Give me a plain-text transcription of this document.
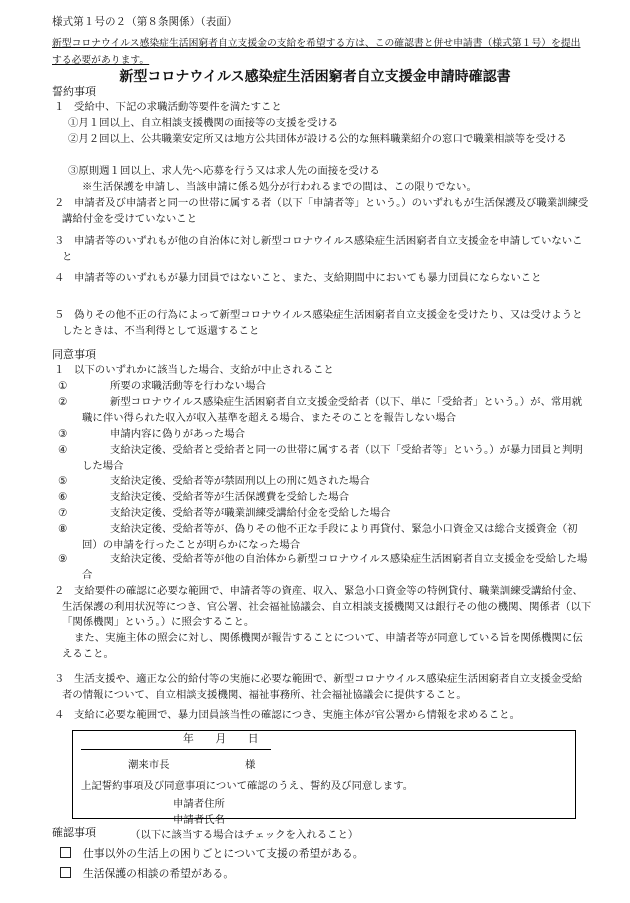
様式第１号の２（第８条関係）（表面）
新型コロナウイルス感染症生活困窮者自立支援金の支給を希望する方は、この確認書と併せ申請書（様式第１号）を提出する必要があります。
新型コロナウイルス感染症生活困窮者自立支援金申請時確認書
誓約事項
１ 受給中、下記の求職活動等要件を満たすこと
①月１回以上、自立相談支援機関の面接等の支援を受ける
②月２回以上、公共職業安定所又は地方公共団体が設ける公的な無料職業紹介の窓口で職業相談等を受ける
③原則週１回以上、求人先へ応募を行う又は求人先の面接を受ける
※生活保護を申請し、当該申請に係る処分が行われるまでの間は、この限りでない。
２ 申請者及び申請者と同一の世帯に属する者（以下「申請者等」という。）のいずれもが生活保護及び職業訓練受講給付金を受けていないこと
３ 申請者等のいずれもが他の自治体に対し新型コロナウイルス感染症生活困窮者自立支援金を申請していないこと
４ 申請者等のいずれもが暴力団員ではないこと、また、支給期間中においても暴力団員にならないこと
５ 偽りその他不正の行為によって新型コロナウイルス感染症生活困窮者自立支援金を受けたり、又は受けようとしたときは、不当利得として返還すること
同意事項
１ 以下のいずれかに該当した場合、支給が中止されること
①	所要の求職活動等を行わない場合
②	新型コロナウイルス感染症生活困窮者自立支援金受給者（以下、単に「受給者」という。）が、常用就職に伴い得られた収入が収入基準を超える場合、またそのことを報告しない場合
③	申請内容に偽りがあった場合
④	支給決定後、受給者と受給者と同一の世帯に属する者（以下「受給者等」という。）が暴力団員と判明した場合
⑤	支給決定後、受給者等が禁固刑以上の刑に処された場合
⑥	支給決定後、受給者等が生活保護費を受給した場合
⑦	支給決定後、受給者等が職業訓練受講給付金を受給した場合
⑧	支給決定後、受給者等が、偽りその他不正な手段により再貸付、緊急小口資金又は総合支援資金（初回）の申請を行ったことが明らかになった場合
⑨	支給決定後、受給者等が他の自治体から新型コロナウイルス感染症生活困窮者自立支援金を受給した場合
２ 支給要件の確認に必要な範囲で、申請者等の資産、収入、緊急小口資金等の特例貸付、職業訓練受講給付金、生活保護の利用状況等につき、官公署、社会福祉協議会、自立相談支援機関又は銀行その他の機関、関係者（以下「関係機関」という。）に照会すること。
また、実施主体の照会に対し、関係機関が報告することについて、申請者等が同意している旨を関係機関に伝えること。
３ 生活支援や、適正な公的給付等の実施に必要な範囲で、新型コロナウイルス感染症生活困窮者自立支援金受給者の情報について、自立相談支援機関、福祉事務所、社会福祉協議会に提供すること。
４ 支給に必要な範囲で、暴力団員該当性の確認につき、実施主体が官公署から情報を求めること。
年　　月　　日
潮来市長	様
上記誓約事項及び同意事項について確認のうえ、誓約及び同意します。
申請者住所
申請者氏名
確認事項	（以下に該当する場合はチェックを入れること）
仕事以外の生活上の困りごとについて支援の希望がある。
生活保護の相談の希望がある。
